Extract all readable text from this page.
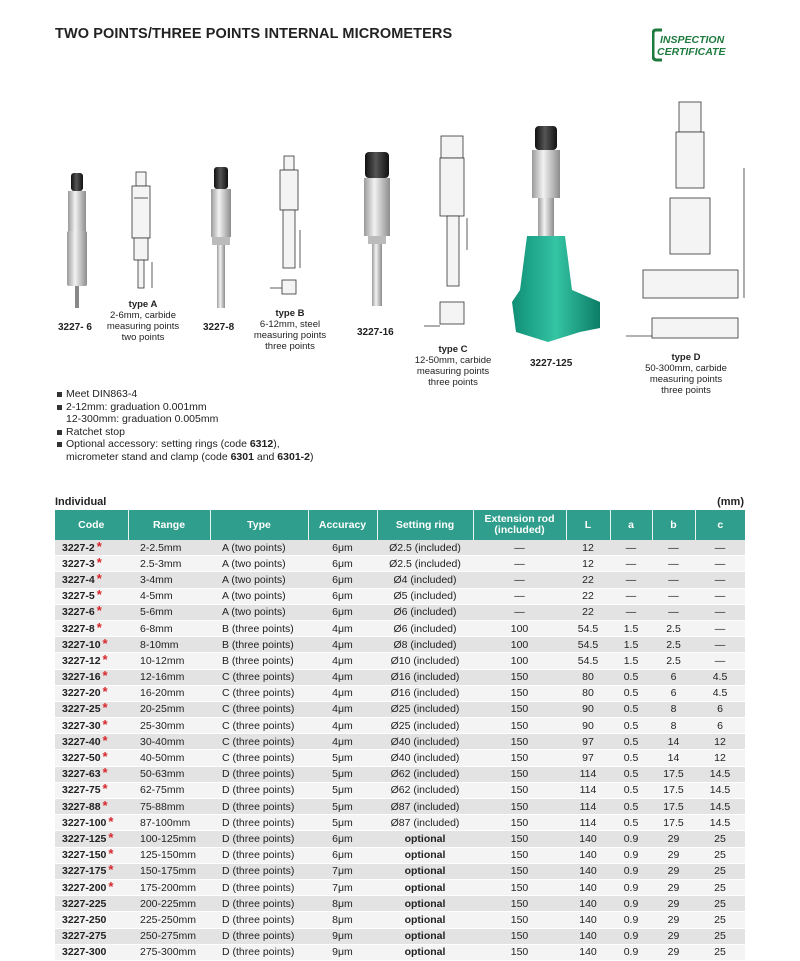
TWO POINTS/THREE POINTS INTERNAL MICROMETERS	INSPECTION
CERTIFICATE
3227- 6
type A
2-6mm, carbide
measuring points
two points
3227-8
type B
6-12mm, steel
measuring points
three points
3227-16
type C
12-50mm, carbide
measuring points
three points
3227-125
type D
50-300mm, carbide
measuring points
three points
Meet DIN863-4
2-12mm: graduation 0.001mm
12-300mm: graduation 0.005mm
Ratchet stop
Optional accessory: setting rings (code 6312),
micrometer stand and clamp (code 6301 and 6301-2)
Individual	(mm)
Code	Range	Type	Accuracy	Setting ring	Extension rod (included)	L	a	b	c
3227-2 *	2-2.5mm	A (two points)	6μm	Ø2.5 (included)	—	12	—	—	—
3227-3 *	2.5-3mm	A (two points)	6μm	Ø2.5 (included)	—	12	—	—	—
3227-4 *	3-4mm	A (two points)	6μm	Ø4 (included)	—	22	—	—	—
3227-5 *	4-5mm	A (two points)	6μm	Ø5 (included)	—	22	—	—	—
3227-6 *	5-6mm	A (two points)	6μm	Ø6 (included)	—	22	—	—	—
3227-8 *	6-8mm	B (three points)	4μm	Ø6 (included)	100	54.5	1.5	2.5	—
3227-10 *	8-10mm	B (three points)	4μm	Ø8 (included)	100	54.5	1.5	2.5	—
3227-12 *	10-12mm	B (three points)	4μm	Ø10 (included)	100	54.5	1.5	2.5	—
3227-16 *	12-16mm	C (three points)	4μm	Ø16 (included)	150	80	0.5	6	4.5
3227-20 *	16-20mm	C (three points)	4μm	Ø16 (included)	150	80	0.5	6	4.5
3227-25 *	20-25mm	C (three points)	4μm	Ø25 (included)	150	90	0.5	8	6
3227-30 *	25-30mm	C (three points)	4μm	Ø25 (included)	150	90	0.5	8	6
3227-40 *	30-40mm	C (three points)	4μm	Ø40 (included)	150	97	0.5	14	12
3227-50 *	40-50mm	C (three points)	5μm	Ø40 (included)	150	97	0.5	14	12
3227-63 *	50-63mm	D (three points)	5μm	Ø62 (included)	150	114	0.5	17.5	14.5
3227-75 *	62-75mm	D (three points)	5μm	Ø62 (included)	150	114	0.5	17.5	14.5
3227-88 *	75-88mm	D (three points)	5μm	Ø87 (included)	150	114	0.5	17.5	14.5
3227-100 *	87-100mm	D (three points)	5μm	Ø87 (included)	150	114	0.5	17.5	14.5
3227-125 *	100-125mm	D (three points)	6μm	optional	150	140	0.9	29	25
3227-150 *	125-150mm	D (three points)	6μm	optional	150	140	0.9	29	25
3227-175 *	150-175mm	D (three points)	7μm	optional	150	140	0.9	29	25
3227-200 *	175-200mm	D (three points)	7μm	optional	150	140	0.9	29	25
3227-225	200-225mm	D (three points)	8μm	optional	150	140	0.9	29	25
3227-250	225-250mm	D (three points)	8μm	optional	150	140	0.9	29	25
3227-275	250-275mm	D (three points)	9μm	optional	150	140	0.9	29	25
3227-300	275-300mm	D (three points)	9μm	optional	150	140	0.9	29	25
